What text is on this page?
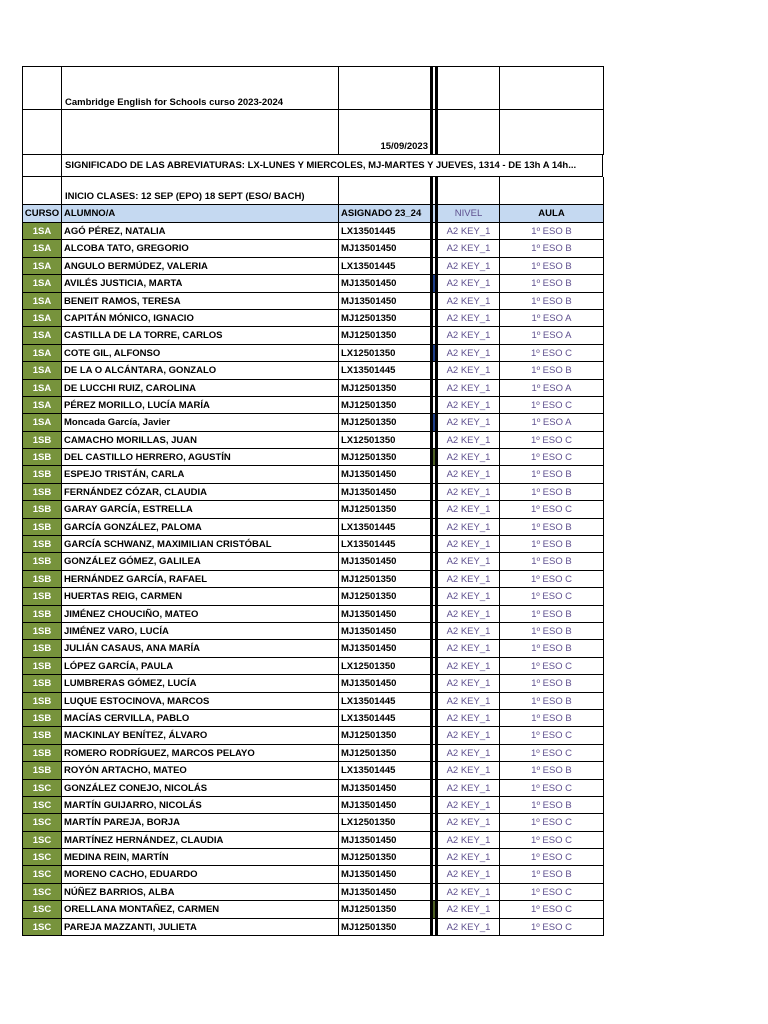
Cambridge English for Schools curso 2023-2024
15/09/2023
SIGNIFICADO DE LAS ABREVIATURAS: LX-LUNES Y MIERCOLES, MJ-MARTES Y JUEVES, 1314 - DE 13h A 14h...
INICIO CLASES: 12 SEP (EPO) 18 SEPT (ESO/ BACH)
CURSO ALUMNO/A	ASIGNADO 23_24	NIVEL	AULA
1SA	AGÓ PÉREZ, NATALIA	LX13501445	A2 KEY_1	1º ESO B
1SA	ALCOBA TATO, GREGORIO	MJ13501450	A2 KEY_1	1º ESO B
1SA	ANGULO BERMÚDEZ, VALERIA	LX13501445	A2 KEY_1	1º ESO B
1SA	AVILÉS JUSTICIA, MARTA	MJ13501450	A2 KEY_1	1º ESO B
1SA	BENEIT RAMOS, TERESA	MJ13501450	A2 KEY_1	1º ESO B
1SA	CAPITÁN MÓNICO, IGNACIO	MJ12501350	A2 KEY_1	1º ESO A
1SA	CASTILLA DE LA TORRE, CARLOS	MJ12501350	A2 KEY_1	1º ESO A
1SA	COTE GIL, ALFONSO	LX12501350	A2 KEY_1	1º ESO C
1SA	DE LA O ALCÁNTARA, GONZALO	LX13501445	A2 KEY_1	1º ESO B
1SA	DE LUCCHI RUIZ, CAROLINA	MJ12501350	A2 KEY_1	1º ESO A
1SA	PÉREZ MORILLO, LUCÍA MARÍA	MJ12501350	A2 KEY_1	1º ESO C
1SA	Moncada García, Javier	MJ12501350	A2 KEY_1	1º ESO A
1SB	CAMACHO MORILLAS, JUAN	LX12501350	A2 KEY_1	1º ESO C
1SB	DEL CASTILLO HERRERO, AGUSTÍN	MJ12501350	A2 KEY_1	1º ESO C
1SB	ESPEJO TRISTÁN, CARLA	MJ13501450	A2 KEY_1	1º ESO B
1SB	FERNÁNDEZ CÓZAR, CLAUDIA	MJ13501450	A2 KEY_1	1º ESO B
1SB	GARAY GARCÍA, ESTRELLA	MJ12501350	A2 KEY_1	1º ESO C
1SB	GARCÍA GONZÁLEZ, PALOMA	LX13501445	A2 KEY_1	1º ESO B
1SB	GARCÍA SCHWANZ, MAXIMILIAN CRISTÓBAL	LX13501445	A2 KEY_1	1º ESO B
1SB	GONZÁLEZ GÓMEZ, GALILEA	MJ13501450	A2 KEY_1	1º ESO B
1SB	HERNÁNDEZ GARCÍA, RAFAEL	MJ12501350	A2 KEY_1	1º ESO C
1SB	HUERTAS REIG, CARMEN	MJ12501350	A2 KEY_1	1º ESO C
1SB	JIMÉNEZ CHOUCIÑO, MATEO	MJ13501450	A2 KEY_1	1º ESO B
1SB	JIMÉNEZ VARO, LUCÍA	MJ13501450	A2 KEY_1	1º ESO B
1SB	JULIÁN CASAUS, ANA MARÍA	MJ13501450	A2 KEY_1	1º ESO B
1SB	LÓPEZ GARCÍA, PAULA	LX12501350	A2 KEY_1	1º ESO C
1SB	LUMBRERAS GÓMEZ, LUCÍA	MJ13501450	A2 KEY_1	1º ESO B
1SB	LUQUE ESTOCINOVA, MARCOS	LX13501445	A2 KEY_1	1º ESO B
1SB	MACÍAS CERVILLA, PABLO	LX13501445	A2 KEY_1	1º ESO B
1SB	MACKINLAY BENÍTEZ, ÁLVARO	MJ12501350	A2 KEY_1	1º ESO C
1SB	ROMERO RODRÍGUEZ, MARCOS PELAYO	MJ12501350	A2 KEY_1	1º ESO C
1SB	ROYÓN ARTACHO, MATEO	LX13501445	A2 KEY_1	1º ESO B
1SC	GONZÁLEZ CONEJO, NICOLÁS	MJ13501450	A2 KEY_1	1º ESO C
1SC	MARTÍN GUIJARRO, NICOLÁS	MJ13501450	A2 KEY_1	1º ESO B
1SC	MARTÍN PAREJA, BORJA	LX12501350	A2 KEY_1	1º ESO C
1SC	MARTÍNEZ HERNÁNDEZ, CLAUDIA	MJ13501450	A2 KEY_1	1º ESO C
1SC	MEDINA REIN, MARTÍN	MJ12501350	A2 KEY_1	1º ESO C
1SC	MORENO CACHO, EDUARDO	MJ13501450	A2 KEY_1	1º ESO B
1SC	NÚÑEZ BARRIOS, ALBA	MJ13501450	A2 KEY_1	1º ESO C
1SC	ORELLANA MONTAÑEZ, CARMEN	MJ12501350	A2 KEY_1	1º ESO C
1SC	PAREJA MAZZANTI, JULIETA	MJ12501350	A2 KEY_1	1º ESO C
